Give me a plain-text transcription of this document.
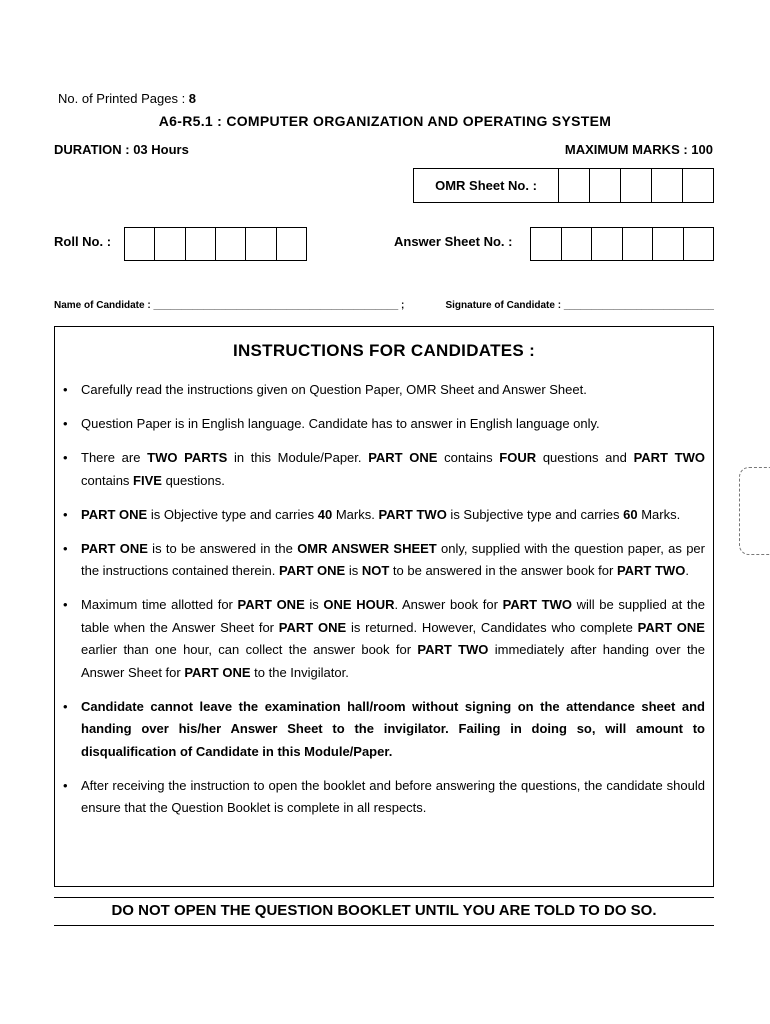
No. of Printed Pages : 8
A6-R5.1 : COMPUTER ORGANIZATION AND OPERATING SYSTEM
DURATION : 03 Hours	MAXIMUM MARKS : 100
OMR Sheet No. :
Roll No. :	Answer Sheet No. :
Name of Candidate : ____________________________________________ ;	Signature of Candidate : ___________________________
INSTRUCTIONS FOR CANDIDATES :
• Carefully read the instructions given on Question Paper, OMR Sheet and Answer Sheet.
• Question Paper is in English language. Candidate has to answer in English language only.
• There are TWO PARTS in this Module/Paper. PART ONE contains FOUR questions and PART TWO contains FIVE questions.
• PART ONE is Objective type and carries 40 Marks. PART TWO is Subjective type and carries 60 Marks.
• PART ONE is to be answered in the OMR ANSWER SHEET only, supplied with the question paper, as per the instructions contained therein. PART ONE is NOT to be answered in the answer book for PART TWO.
• Maximum time allotted for PART ONE is ONE HOUR. Answer book for PART TWO will be supplied at the table when the Answer Sheet for PART ONE is returned. However, Candidates who complete PART ONE earlier than one hour, can collect the answer book for PART TWO immediately after handing over the Answer Sheet for PART ONE to the Invigilator.
• Candidate cannot leave the examination hall/room without signing on the attendance sheet and handing over his/her Answer Sheet to the invigilator. Failing in doing so, will amount to disqualification of Candidate in this Module/Paper.
• After receiving the instruction to open the booklet and before answering the questions, the candidate should ensure that the Question Booklet is complete in all respects.
DO NOT OPEN THE QUESTION BOOKLET UNTIL YOU ARE TOLD TO DO SO.
